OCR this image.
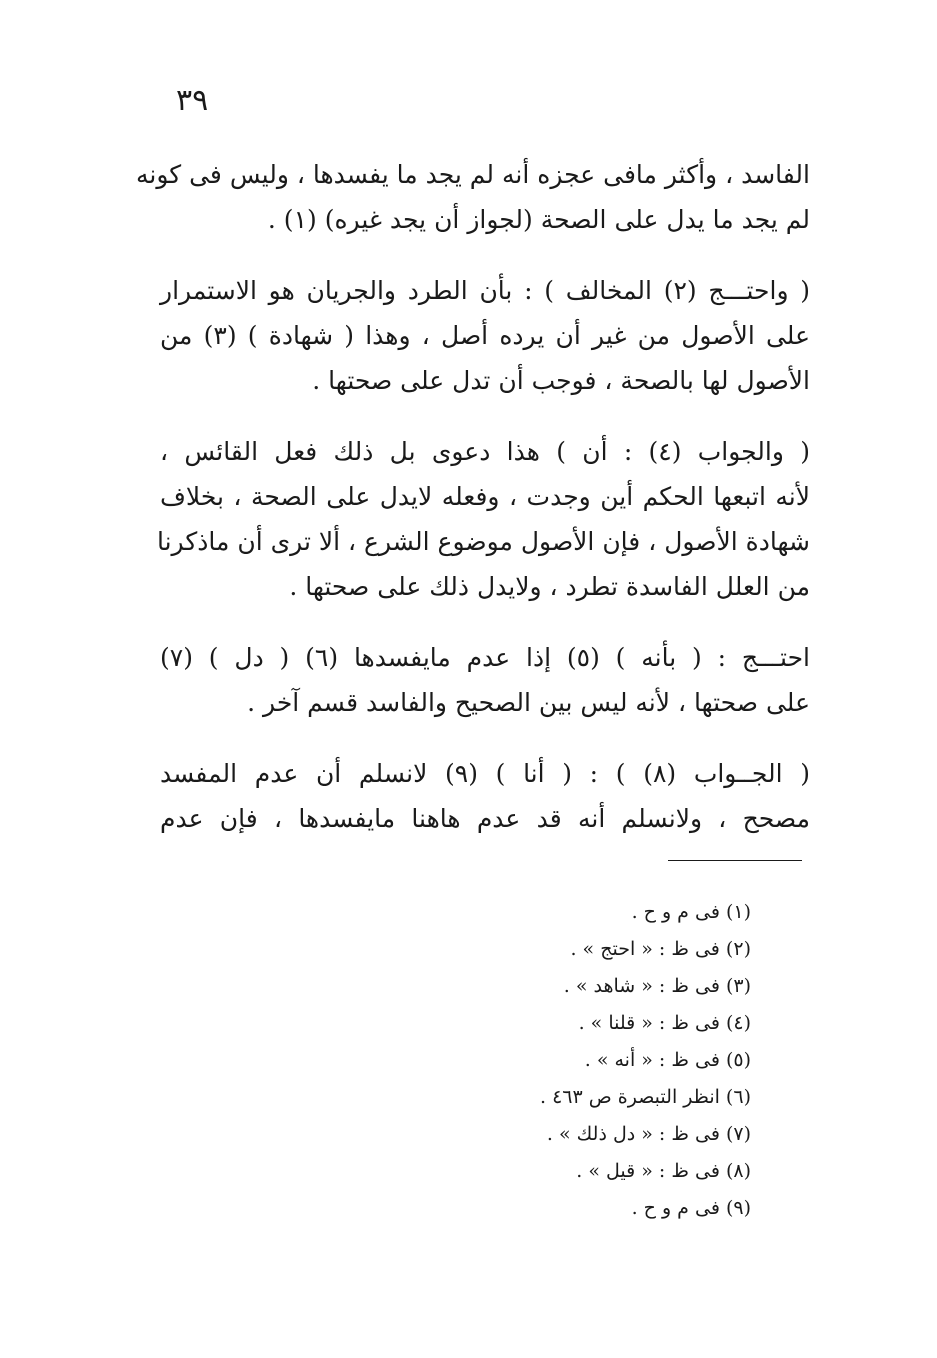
٣٩
الفاسد ، وأكثر مافى عجزه أنه لم يجد ما يفسدها ، وليس فى كونه
لم يجد ما يدل على الصحة (لجواز أن يجد غيره) (١) .
( واحتـــج (٢) المخالف ) : بأن الطرد والجريان هو الاستمرار
على الأصول من غير أن يرده أصل ، وهذا ( شهادة ) (٣) من
الأصول لها بالصحة ، فوجب أن تدل على صحتها .
( والجواب (٤) : أن ) هذا دعوى بل ذلك فعل القائس ،
لأنه اتبعها الحكم أين وجدت ، وفعله لايدل على الصحة ، بخلاف
شهادة الأصول ، فإن الأصول موضوع الشرع ، ألا ترى أن ماذكرنا
من العلل الفاسدة تطرد ، ولايدل ذلك على صحتها .
احتـــج : ( بأنه ) (٥) إذا عدم مايفسدها (٦) ( دل ) (٧)
على صحتها ، لأنه ليس بين الصحيح والفاسد قسم آخر .
( الجــواب (٨) ) : ( أنا ) (٩) لانسلم أن عدم المفسد
مصحح ، ولانسلم أنه قد عدم هاهنا مايفسدها ، فإن عدم
(١) فى م و ح .
(٢) فى ظ : « احتج » .
(٣) فى ظ : « شاهد » .
(٤) فى ظ : « قلنا » .
(٥) فى ظ : « أنه » .
(٦) انظر التبصرة ص ٤٦٣ .
(٧) فى ظ : « دل ذلك » .
(٨) فى ظ : « قيل » .
(٩) فى م و ح .
